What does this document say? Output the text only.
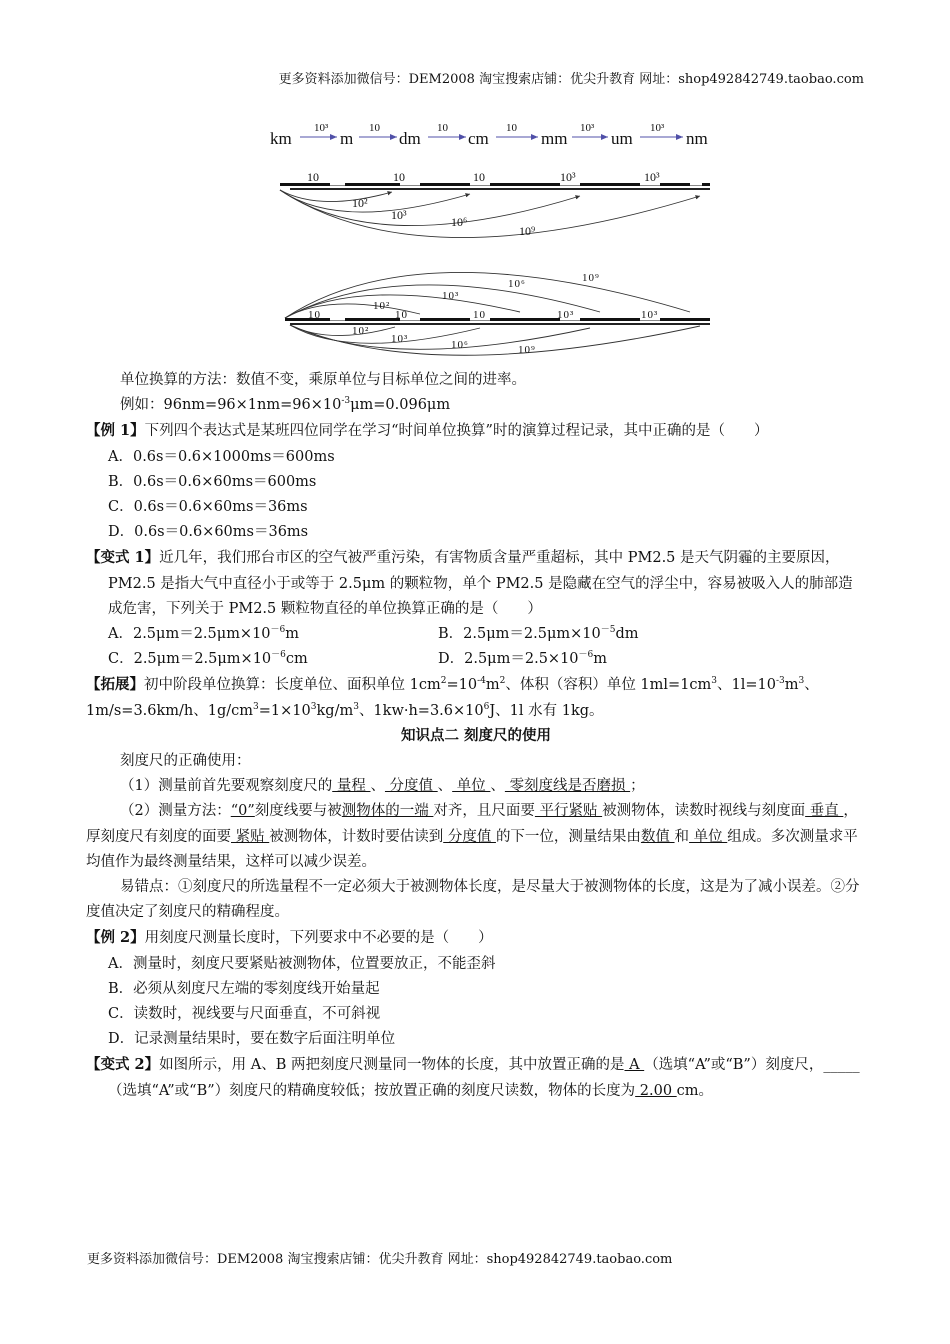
更多资料添加微信号：DEM2008 淘宝搜索店铺：优尖升教育 网址：shop492842749.taobao.com
km	m	dm	cm	mm	um	nm
10³	10	10	10	10³	10³
10	10	10	10³	10³
10²
10³	10⁶
10⁹
10²
10³
10⁶	10⁹
10	10	10	10³	10³
10²
10³	10⁶	10⁹

单位换算的方法：数值不变，乘原单位与目标单位之间的进率。

例如：$96nm=96\times 1nm=96\times 10^{-3}\mu m=0.096\mu m$

【例 1】下列四个表达式是某班四位同学在学习“时间单位换算”时的演算过程记录，其中正确的是（　　）

A．0.6s＝0.6×1000ms＝600ms

B．0.6s＝0.6×60ms＝600ms

C．0.6s＝0.6×60ms＝36ms

D．0.6s＝0.6×60ms＝36ms

【变式 1】近几年，我们邢台市区的空气被严重污染，有害物质含量严重超标，其中 PM2.5 是天气阴霾的主要原因，PM2.5 是指大气中直径小于或等于 2.5μm 的颗粒物，单个 PM2.5 是隐藏在空气的浮尘中，容易被吸入人的肺部造成危害，下列关于 PM2.5 颗粒物直径的单位换算正确的是（　　）

A．$2.5\mu m=2.5\mu m\times 10^{-6}m$	B．$2.5\mu m=2.5\mu m\times 10^{-5}dm$
C．$2.5\mu m=2.5\mu m\times 10^{-6}cm$	D．$2.5\mu m=2.5\times 10^{-6}m$

【拓展】初中阶段单位换算：长度单位、面积单位 $1cm^2=10^{-4}m^2$、体积（容积）单位 $1ml=1cm^3$、$1l=10^{-3}m^3$、1m/s=3.6km/h、$1g/cm^3=1\times 10^3kg/m^3$、$1kw\cdot h=3.6\times 10^6J$、1l 水有 1kg。

知识点二 刻度尺的使用

刻度尺的正确使用：

（1）测量前首先要观察刻度尺的 量程 、 分度值 、 单位 、 零刻度线是否磨损 ；

（2）测量方法：“0”刻度线要与被测物体的一端 对齐，且尺面要 平行紧贴 被测物体，读数时视线与刻度面 垂直 ，厚刻度尺有刻度的面要 紧贴 被测物体，计数时要估读到 分度值 的下一位，测量结果由数值 和 单位 组成。多次测量求平均值作为最终测量结果，这样可以减少误差。

易错点：①刻度尺的所选量程不一定必须大于被测物体长度，是尽量大于被测物体的长度，这是为了减小误差。②分度值决定了刻度尺的精确程度。

【例 2】用刻度尺测量长度时，下列要求中不必要的是（　　）

A．测量时，刻度尺要紧贴被测物体，位置要放正，不能歪斜

B．必须从刻度尺左端的零刻度线开始量起

C．读数时，视线要与尺面垂直，不可斜视

D．记录测量结果时，要在数字后面注明单位

【变式 2】如图所示，用 A、B 两把刻度尺测量同一物体的长度，其中放置正确的是 A （选填“A”或“B”）刻度尺，_____（选填“A”或“B”）刻度尺的精确度较低；按放置正确的刻度尺读数，物体的长度为 2.00 cm。

更多资料添加微信号：DEM2008 淘宝搜索店铺：优尖升教育 网址：shop492842749.taobao.com
